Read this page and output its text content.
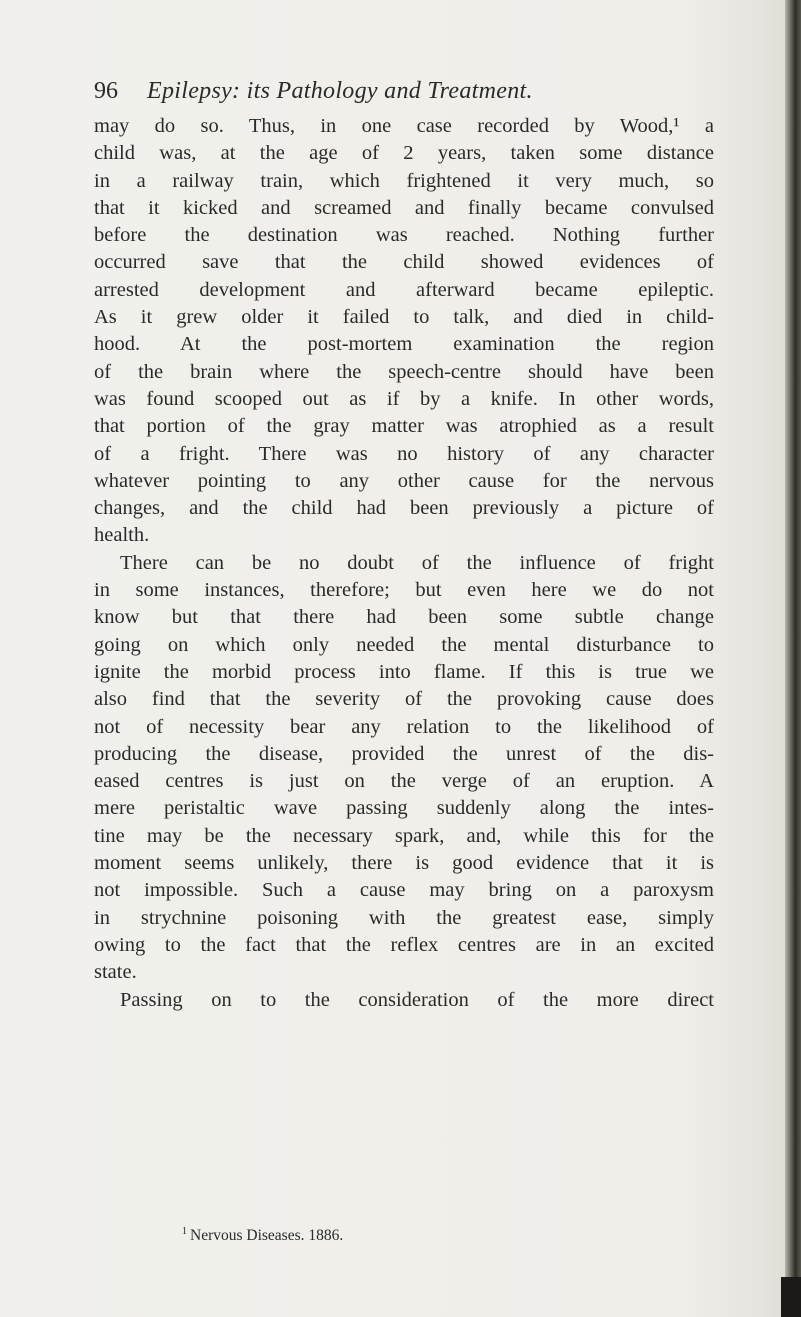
96 Epilepsy: its Pathology and Treatment.
may do so. Thus, in one case recorded by Wood,¹ a
child was, at the age of 2 years, taken some distance
in a railway train, which frightened it very much, so
that it kicked and screamed and finally became convulsed
before the destination was reached. Nothing further
occurred save that the child showed evidences of
arrested development and afterward became epileptic.
As it grew older it failed to talk, and died in child-
hood. At the post-mortem examination the region
of the brain where the speech-centre should have been
was found scooped out as if by a knife. In other words,
that portion of the gray matter was atrophied as a result
of a fright. There was no history of any character
whatever pointing to any other cause for the nervous
changes, and the child had been previously a picture of
health.
There can be no doubt of the influence of fright
in some instances, therefore; but even here we do not
know but that there had been some subtle change
going on which only needed the mental disturbance to
ignite the morbid process into flame. If this is true we
also find that the severity of the provoking cause does
not of necessity bear any relation to the likelihood of
producing the disease, provided the unrest of the dis-
eased centres is just on the verge of an eruption. A
mere peristaltic wave passing suddenly along the intes-
tine may be the necessary spark, and, while this for the
moment seems unlikely, there is good evidence that it is
not impossible. Such a cause may bring on a paroxysm
in strychnine poisoning with the greatest ease, simply
owing to the fact that the reflex centres are in an excited
state.
Passing on to the consideration of the more direct
$^1$ Nervous Diseases. 1886.
